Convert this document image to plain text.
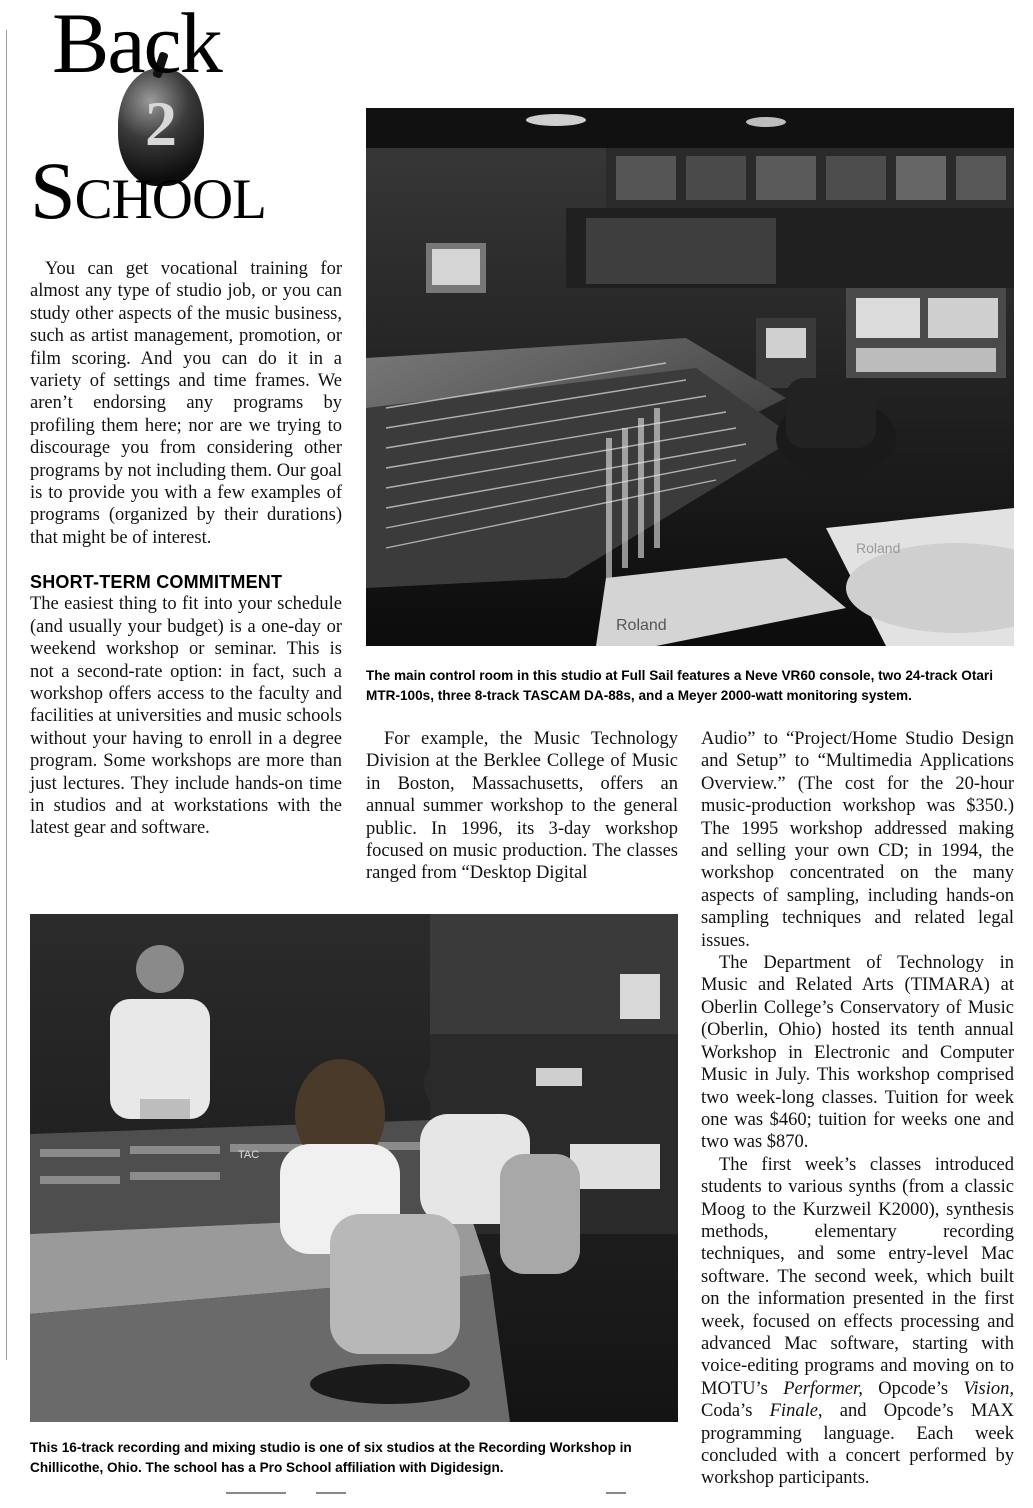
2
Back
School

You can get vocational training for almost any type of studio job, or you can study other aspects of the music business, such as artist management, promotion, or film scoring. And you can do it in a variety of settings and time frames. We aren’t endorsing any programs by profiling them here; nor are we trying to discourage you from considering other programs by not including them. Our goal is to provide you with a few examples of programs (organized by their durations) that might be of interest.

SHORT-TERM COMMITMENT

The easiest thing to fit into your schedule (and usually your budget) is a one-day or weekend workshop or seminar. This is not a second-rate option: in fact, such a workshop offers access to the faculty and facilities at universities and music schools without your having to enroll in a degree program. Some workshops are more than just lectures. They include hands-on time in studios and at workstations with the latest gear and software.

Roland
Roland
The main control room in this studio at Full Sail features a Neve VR60 console, two 24-track Otari MTR-100s, three 8-track TASCAM DA-88s, and a Meyer 2000-watt monitoring system.

For example, the Music Technology Division at the Berklee College of Music in Boston, Massachusetts, offers an annual summer workshop to the general public. In 1996, its 3-day workshop focused on music production. The classes ranged from “Desktop Digital

Audio” to “Project/Home Studio Design and Setup” to “Multimedia Applications Overview.” (The cost for the 20-hour music-production workshop was $350.) The 1995 workshop addressed making and selling your own CD; in 1994, the workshop concentrated on the many aspects of sampling, including hands-on sampling techniques and related legal issues.

The Department of Technology in Music and Related Arts (TIMARA) at Oberlin College’s Conservatory of Music (Oberlin, Ohio) hosted its tenth annual Workshop in Electronic and Computer Music in July. This workshop comprised two week-long classes. Tuition for week one was $460; tuition for weeks one and two was $870.

The first week’s classes introduced students to various synths (from a classic Moog to the Kurzweil K2000), synthesis methods, elementary recording techniques, and some entry-level Mac software. The second week, which built on the information presented in the first week, focused on effects processing and advanced Mac software, starting with voice-editing programs and moving on to MOTU’s Performer, Opcode’s Vision, Coda’s Finale, and Opcode’s MAX programming language. Each week concluded with a concert performed by workshop participants.

TAC
This 16-track recording and mixing studio is one of six studios at the Recording Workshop in Chillicothe, Ohio. The school has a Pro School affiliation with Digidesign.
